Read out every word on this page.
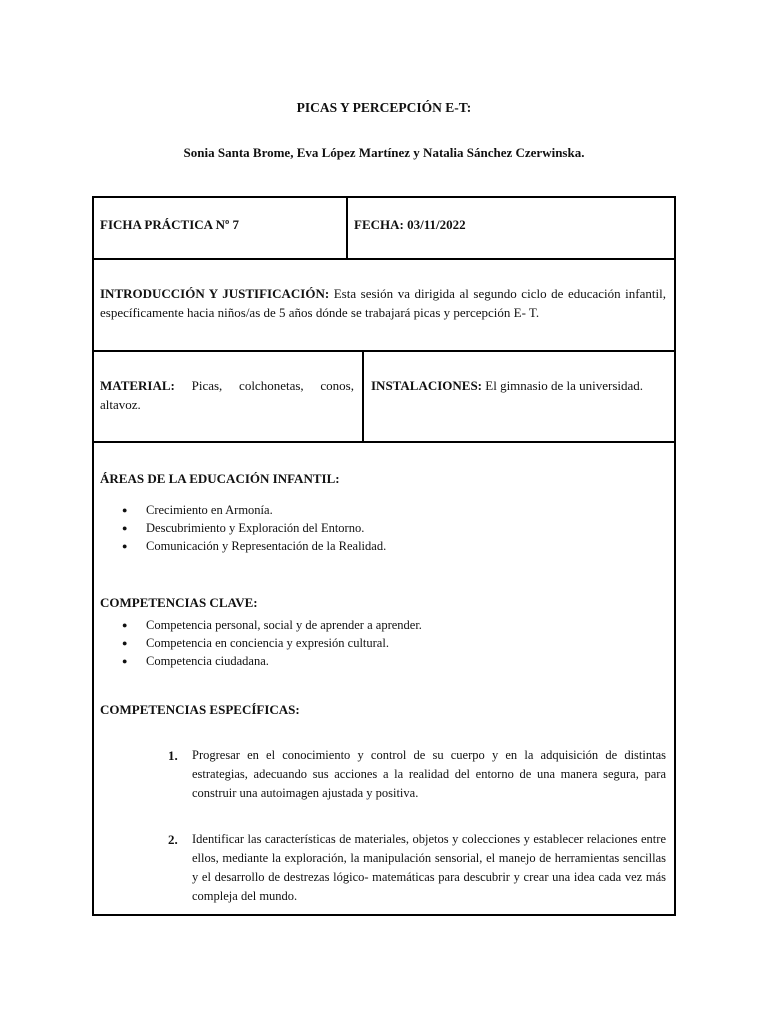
PICAS Y PERCEPCIÓN E-T:
Sonia Santa Brome, Eva López Martínez y Natalia Sánchez Czerwinska.
FICHA PRÁCTICA Nº 7	FECHA: 03/11/2022
INTRODUCCIÓN Y JUSTIFICACIÓN: Esta sesión va dirigida al segundo ciclo de educación infantil, específicamente hacia niños/as de 5 años dónde se trabajará picas y percepción E- T.
MATERIAL: Picas, colchonetas, conos, altavoz.
INSTALACIONES: El gimnasio de la universidad.
ÁREAS DE LA EDUCACIÓN INFANTIL:
● Crecimiento en Armonía.
● Descubrimiento y Exploración del Entorno.
● Comunicación y Representación de la Realidad.
COMPETENCIAS CLAVE:
● Competencia personal, social y de aprender a aprender.
● Competencia en conciencia y expresión cultural.
● Competencia ciudadana.
COMPETENCIAS ESPECÍFICAS:
1. Progresar en el conocimiento y control de su cuerpo y en la adquisición de distintas estrategias, adecuando sus acciones a la realidad del entorno de una manera segura, para construir una autoimagen ajustada y positiva.
2. Identificar las características de materiales, objetos y colecciones y establecer relaciones entre ellos, mediante la exploración, la manipulación sensorial, el manejo de herramientas sencillas y el desarrollo de destrezas lógico- matemáticas para descubrir y crear una idea cada vez más compleja del mundo.
